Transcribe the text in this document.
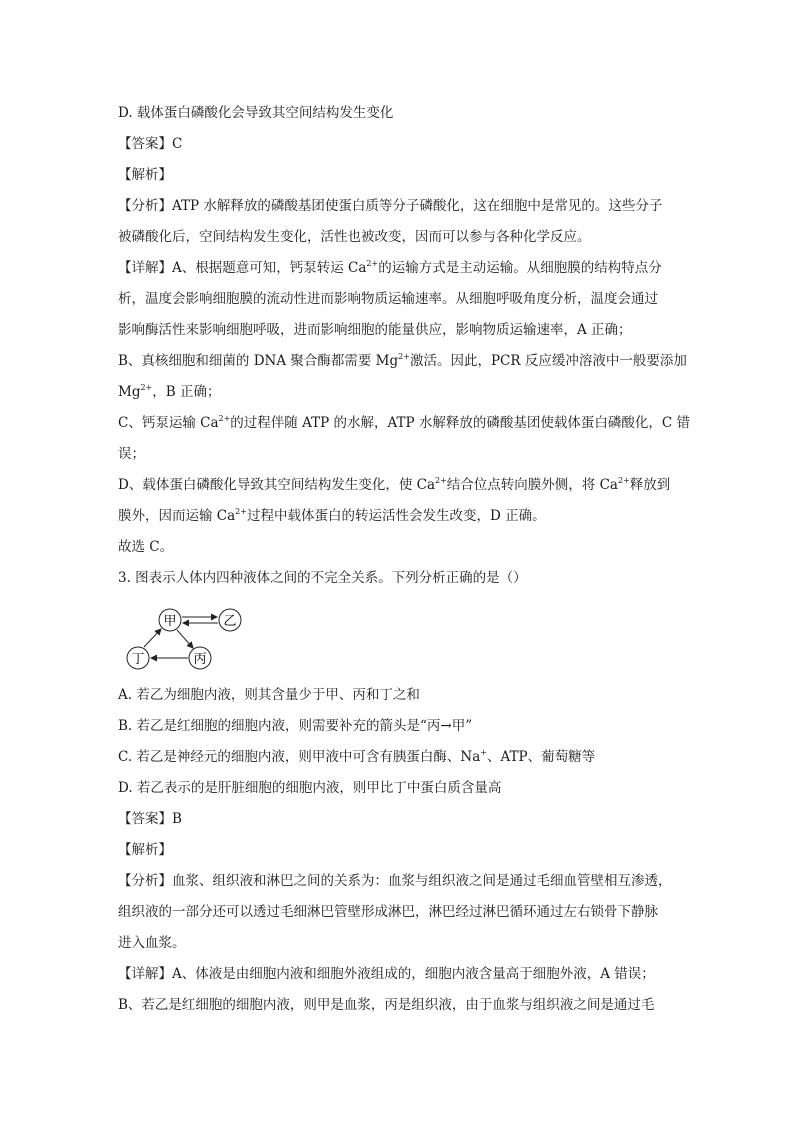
D. 载体蛋白磷酸化会导致其空间结构发生变化
【答案】C
【解析】
【分析】ATP 水解释放的磷酸基团使蛋白质等分子磷酸化，这在细胞中是常见的。这些分子
被磷酸化后，空间结构发生变化，活性也被改变，因而可以参与各种化学反应。
【详解】A、根据题意可知，钙泵转运 $Ca^{2+}$的运输方式是主动运输。从细胞膜的结构特点分
析，温度会影响细胞膜的流动性进而影响物质运输速率。从细胞呼吸角度分析，温度会通过
影响酶活性来影响细胞呼吸，进而影响细胞的能量供应，影响物质运输速率，A 正确；
B、真核细胞和细菌的 DNA 聚合酶都需要 $Mg^{2+}$激活。因此，PCR 反应缓冲溶液中一般要添加
$Mg^{2+}$，B 正确；
C、钙泵运输 $Ca^{2+}$的过程伴随 ATP 的水解，ATP 水解释放的磷酸基团使载体蛋白磷酸化，C 错
误；
D、载体蛋白磷酸化导致其空间结构发生变化，使 $Ca^{2+}$结合位点转向膜外侧，将 $Ca^{2+}$释放到
膜外，因而运输 $Ca^{2+}$过程中载体蛋白的转运活性会发生改变，D 正确。
故选 C。
3. 图表示人体内四种液体之间的不完全关系。下列分析正确的是（）
甲	乙
丁	丙
A. 若乙为细胞内液，则其含量少于甲、丙和丁之和
B. 若乙是红细胞的细胞内液，则需要补充的箭头是“丙→甲”
C. 若乙是神经元的细胞内液，则甲液中可含有胰蛋白酶、Na+、ATP、葡萄糖等
D. 若乙表示的是肝脏细胞的细胞内液，则甲比丁中蛋白质含量高
【答案】B
【解析】
【分析】血浆、组织液和淋巴之间的关系为：血浆与组织液之间是通过毛细血管壁相互渗透，
组织液的一部分还可以透过毛细淋巴管壁形成淋巴，淋巴经过淋巴循环通过左右锁骨下静脉
进入血浆。
【详解】A、体液是由细胞内液和细胞外液组成的，细胞内液含量高于细胞外液，A 错误；
B、若乙是红细胞的细胞内液，则甲是血浆，丙是组织液，由于血浆与组织液之间是通过毛
